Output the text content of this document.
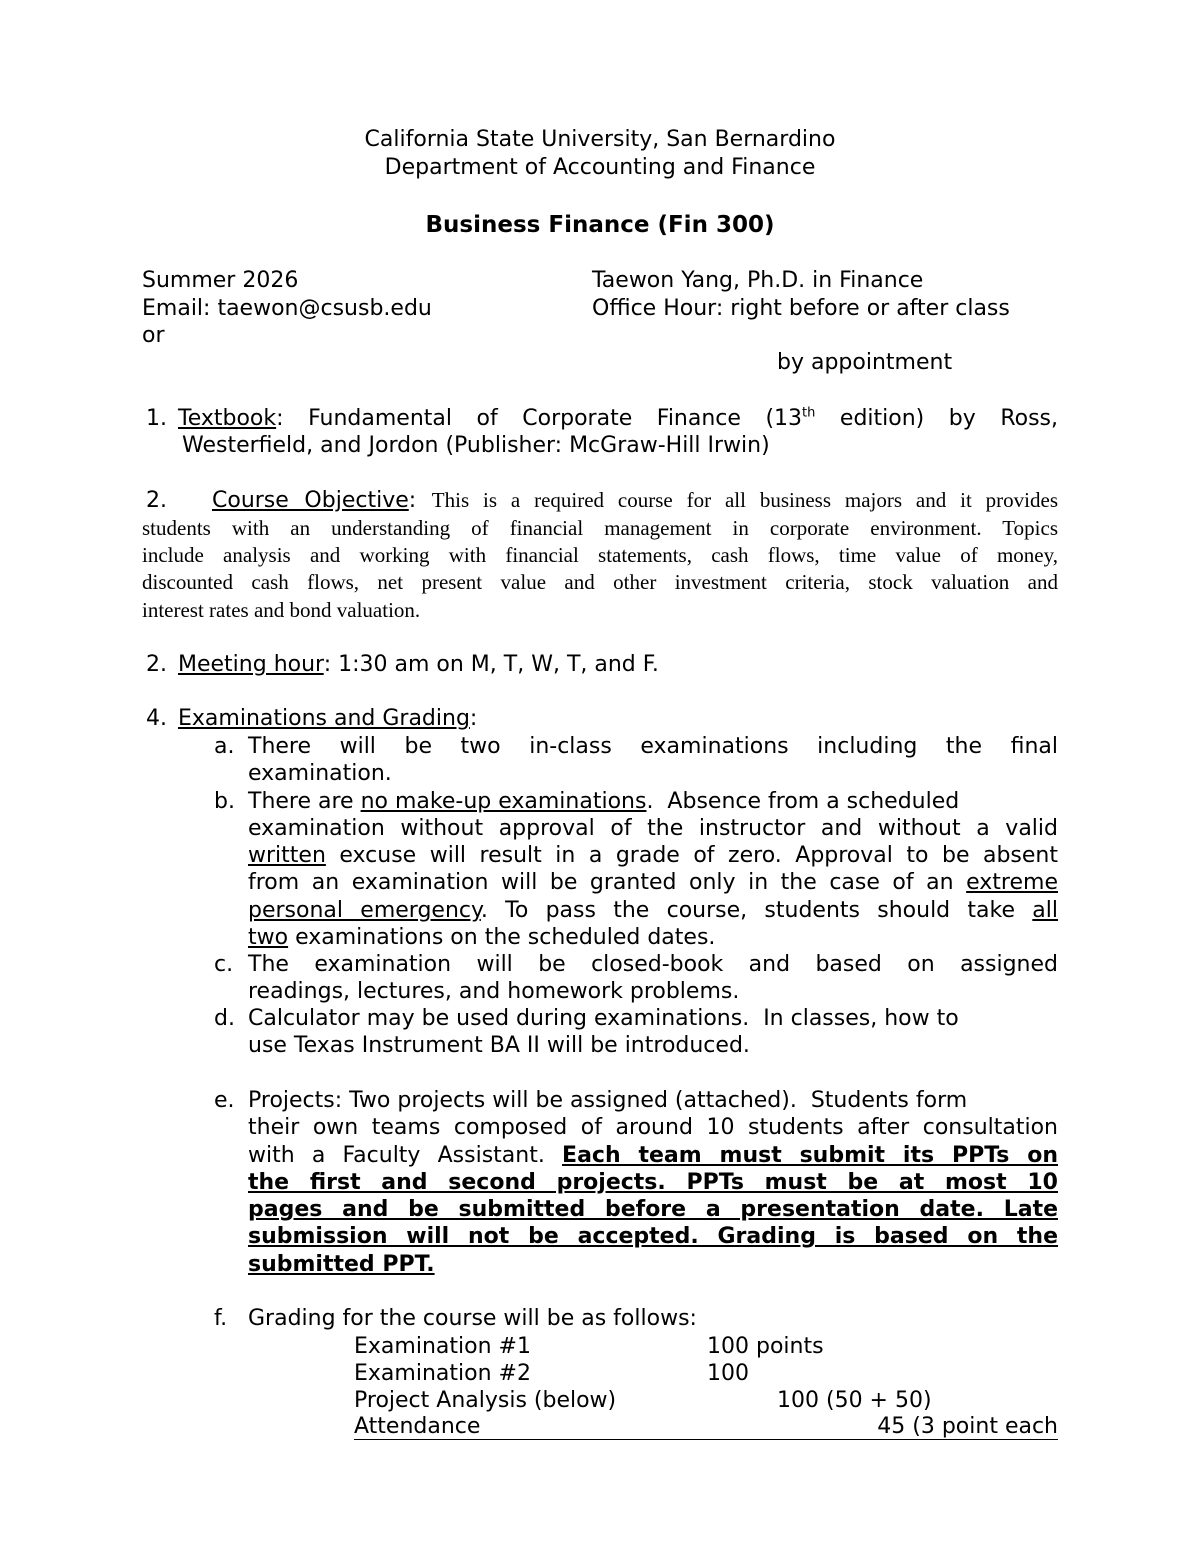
California State University, San Bernardino
Department of Accounting and Finance
Business Finance (Fin 300)
Summer 2026
Email: taewon@csusb.edu
or
Taewon Yang, Ph.D. in Finance
Office Hour: right before or after class
by appointment
1. Textbook: Fundamental of Corporate Finance (13th edition) by Ross,
Westerfield, and Jordon (Publisher: McGraw-Hill Irwin)
2. Course Objective: This is a required course for all business majors and it provides
students with an understanding of financial management in corporate environment. Topics
include analysis and working with financial statements, cash flows, time value of money,
discounted cash flows, net present value and other investment criteria, stock valuation and
interest rates and bond valuation.
2. Meeting hour: 1:30 am on M, T, W, T, and F.
4. Examinations and Grading:
a. There will be two in-class examinations including the final
examination.
b. There are no make-up examinations.  Absence from a scheduled
examination without approval of the instructor and without a valid
written excuse will result in a grade of zero. Approval to be absent
from an examination will be granted only in the case of an extreme
personal emergency. To pass the course, students should take all
two examinations on the scheduled dates.
c. The examination will be closed-book and based on assigned
readings, lectures, and homework problems.
d. Calculator may be used during examinations.  In classes, how to
use Texas Instrument BA II will be introduced.
e. Projects: Two projects will be assigned (attached).  Students form
their own teams composed of around 10 students after consultation
with a Faculty Assistant. Each team must submit its PPTs on
the first and second projects. PPTs must be at most 10
pages and be submitted before a presentation date. Late
submission will not be accepted. Grading is based on the
submitted PPT.
f. Grading for the course will be as follows:
Examination #1	100 points
Examination #2	100
Project Analysis (below)	100 (50 + 50)
Attendance	45 (3 point each
